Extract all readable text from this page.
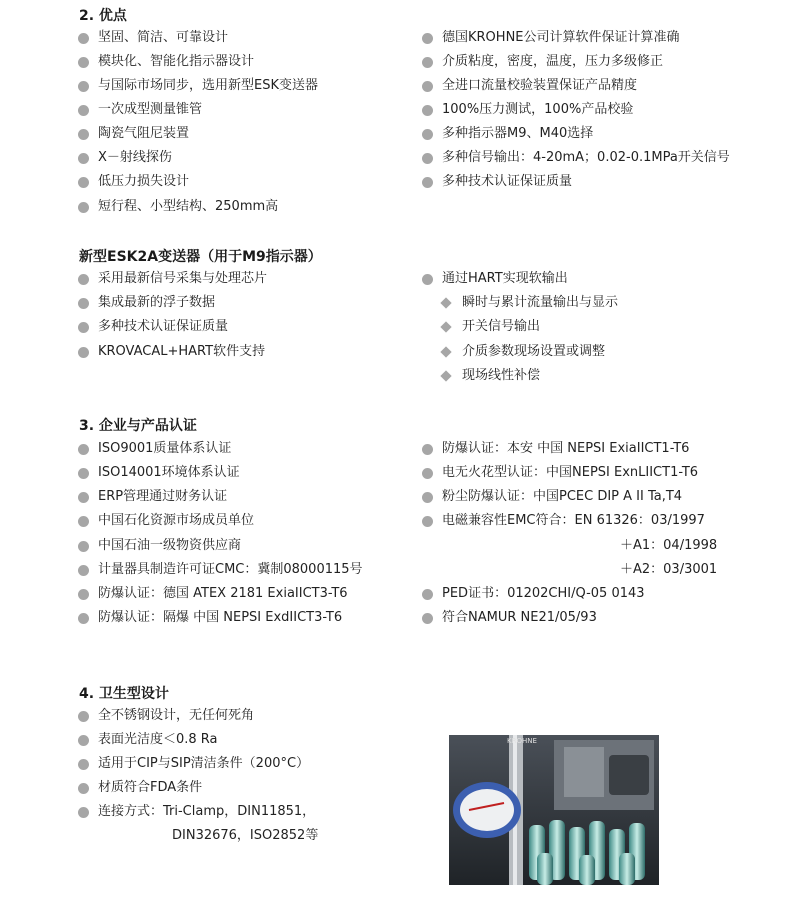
2. 优点
坚固、简洁、可靠设计
模块化、智能化指示器设计
与国际市场同步，选用新型ESK变送器
一次成型测量锥管
陶瓷气阻尼装置
X－射线探伤
低压力损失设计
短行程、小型结构、250mm高
德国KROHNE公司计算软件保证计算准确
介质粘度，密度，温度，压力多级修正
全进口流量校验装置保证产品精度
100%压力测试，100%产品校验
多种指示器M9、M40选择
多种信号输出：4-20mA；0.02-0.1MPa开关信号
多种技术认证保证质量
新型ESK2A变送器（用于M9指示器）
采用最新信号采集与处理芯片
集成最新的浮子数据
多种技术认证保证质量
KROVACAL+HART软件支持
通过HART实现软输出
瞬时与累计流量输出与显示
开关信号输出
介质参数现场设置或调整
现场线性补偿
3. 企业与产品认证
ISO9001质量体系认证
ISO14001环境体系认证
ERP管理通过财务认证
中国石化资源市场成员单位
中国石油一级物资供应商
计量器具制造许可证CMC：冀制08000115号
防爆认证：德国 ATEX 2181 ExiaIICT3-T6
防爆认证：隔爆 中国 NEPSI ExdIICT3-T6
防爆认证：本安 中国 NEPSI ExiaIICT1-T6
电无火花型认证：中国NEPSI ExnLIICT1-T6
粉尘防爆认证：中国PCEC DIP A II Ta,T4
电磁兼容性EMC符合：EN 61326：03/1997
＋A1：04/1998
＋A2：03/3001
PED证书：01202CHI/Q-05 0143
符合NAMUR NE21/05/93
4. 卫生型设计
全不锈钢设计，无任何死角
表面光洁度＜0.8 Ra
适用于CIP与SIP清洁条件（200°C）
材质符合FDA条件
连接方式：Tri-Clamp，DIN11851，
DIN32676，ISO2852等
KROHNE
